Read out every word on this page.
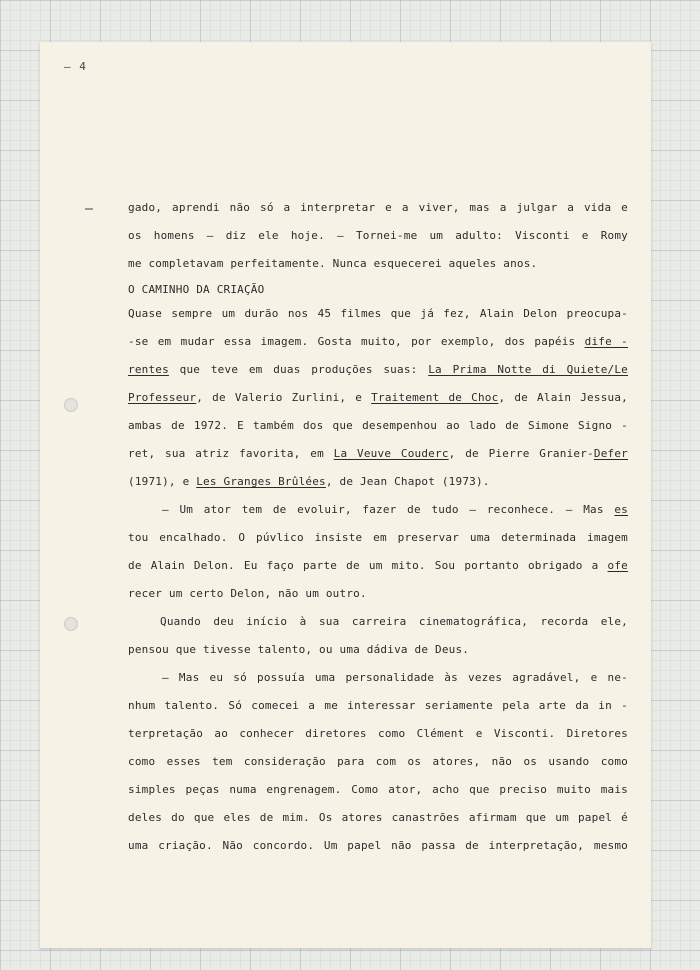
— 4
gado, aprendi não só a interpretar e a viver, mas a julgar a vida e
os homens — diz ele hoje. — Tornei-me um adulto: Visconti e Romy
me completavam perfeitamente. Nunca esquecerei aqueles anos.
O CAMINHO DA CRIAÇÃO
Quase sempre um durão nos 45 filmes que já fez, Alain Delon preocupa-
-se em mudar essa imagem. Gosta muito, por exemplo, dos papéis dife -
rentes que teve em duas produções suas: La Prima Notte di Quiete/Le
Professeur, de Valerio Zurlini, e Traitement de Choc, de Alain Jessua,
ambas de 1972. E também dos que desempenhou ao lado de Simone Signo -
ret, sua atriz favorita, em La Veuve Couderc, de Pierre Granier-Defer
(1971), e Les Granges Brûlées, de Jean Chapot (1973).
— Um ator tem de evoluir, fazer de tudo — reconhece. — Mas es
tou encalhado. O púvlico insiste em preservar uma determinada imagem
de Alain Delon. Eu faço parte de um mito. Sou portanto obrigado a ofe
recer um certo Delon, não um outro.
Quando deu início à sua carreira cinematográfica, recorda ele,
pensou que tivesse talento, ou uma dádiva de Deus.
— Mas eu só possuía uma personalidade às vezes agradável, e ne-
nhum talento. Só comecei a me interessar seriamente pela arte da in -
terpretação ao conhecer diretores como Clément e Visconti. Diretores
como esses tem consideração para com os atores, não os usando como
simples peças numa engrenagem. Como ator, acho que preciso muito mais
deles do que eles de mim. Os atores canastrões afirmam que um papel é
uma criação. Não concordo. Um papel não passa de interpretação, mesmo
